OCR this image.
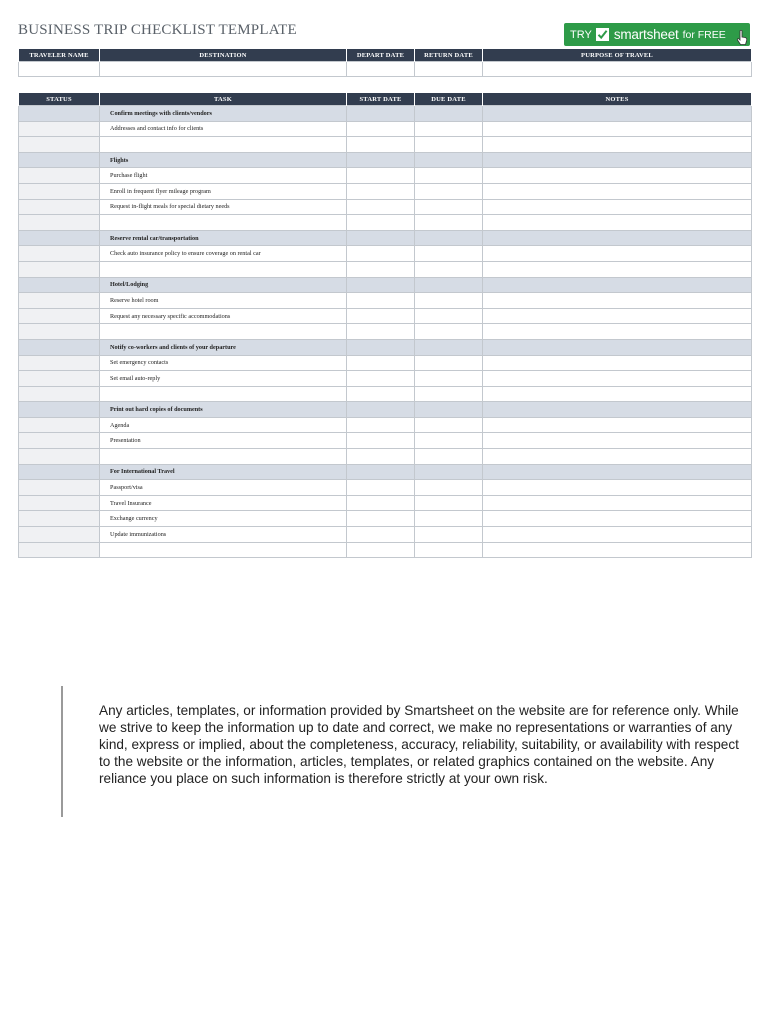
BUSINESS TRIP CHECKLIST TEMPLATE	TRY smartsheet for FREE
TRAVELER NAME	DESTINATION	DEPART DATE	RETURN DATE	PURPOSE OF TRAVEL

STATUS	TASK	START DATE	DUE DATE	NOTES
	Confirm meetings with clients/vendors			
	Addresses and contact info for clients			

	Flights			
	Purchase flight			
	Enroll in frequent flyer mileage program			
	Request in-flight meals for special dietary needs			

	Reserve rental car/transportation			
	Check auto insurance policy to ensure coverage on rental car			

	Hotel/Lodging			
	Reserve hotel room			
	Request any necessary specific accommodations			

	Notify co-workers and clients of your departure			
	Set emergency contacts			
	Set email auto-reply			

	Print out hard copies of documents			
	Agenda			
	Presentation			

	For International Travel			
	Passport/visa			
	Travel Insurance			
	Exchange currency			
	Update immunizations			

Any articles, templates, or information provided by Smartsheet on the website are for reference only. While we strive to keep the information up to date and correct, we make no representations or warranties of any kind, express or implied, about the completeness, accuracy, reliability, suitability, or availability with respect to the website or the information, articles, templates, or related graphics contained on the website. Any reliance you place on such information is therefore strictly at your own risk.
